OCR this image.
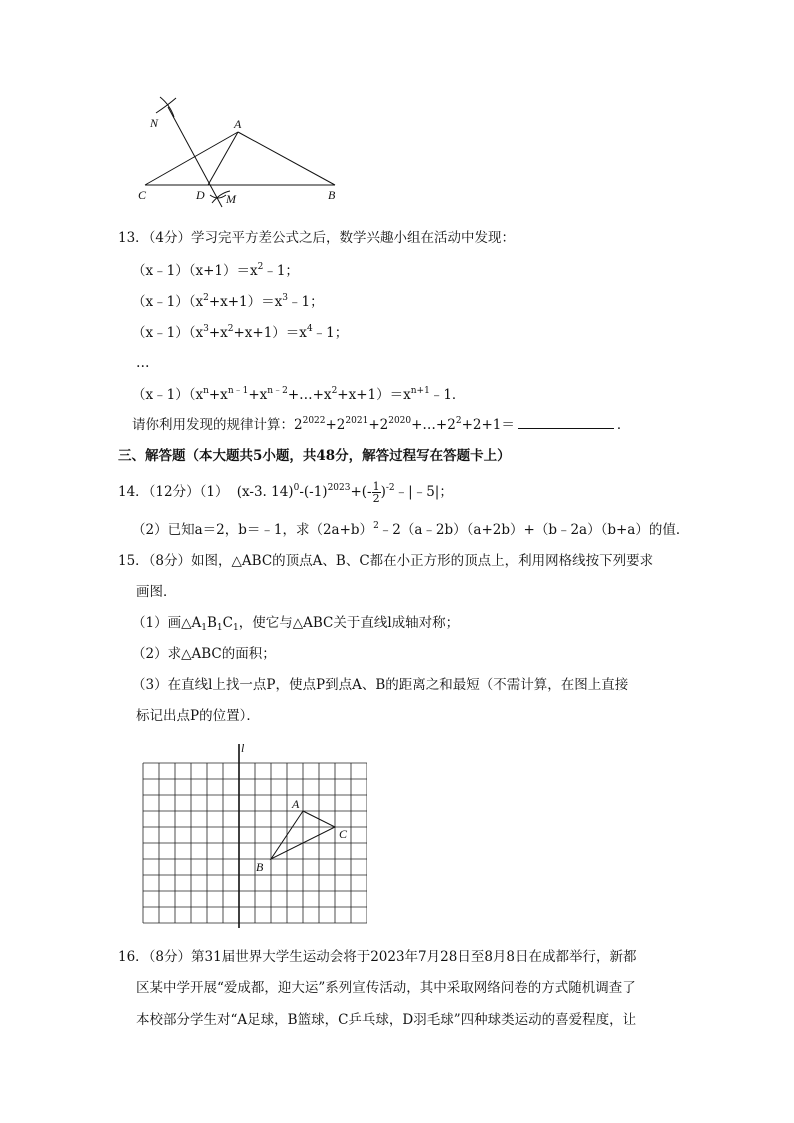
N	A
C	D M	B
13．（4分）学习完平方差公式之后，数学兴趣小组在活动中发现：
$(x﹣1)(x+1)=x^2﹣1$；
$(x﹣1)(x^2+x+1)=x^3﹣1$；
$(x﹣1)(x^3+x^2+x+1)=x^4﹣1$；
…
$(x﹣1)(x^n+x^{n﹣1}+x^{n﹣2}+\dots+x^2+x+1)=x^{n+1}﹣1$．
请你利用发现的规律计算：$2^{2022}+2^{2021}+2^{2020}+\dots+2^2+2+1=$	．
三、解答题（本大题共5小题，共48分，解答过程写在答题卡上）
14．（12分）（1） (x-3. $14)^0-(-1)^{2023}+(- \frac{1}{2}$ )$^{-2}$﹣|﹣5|；
（2）已知a＝2，b＝﹣1，求$(2a+b)^2﹣2(a﹣2b)(a+2b)+(b﹣2a)(b+a)$的值．
15．（8分）如图，△ABC的顶点A、B、C都在小正方形的顶点上，利用网格线按下列要求
画图．
（1）画$\triangle A_1B_1C_1$，使它与△ABC关于直线l成轴对称；
（2）求△ABC的面积；
（3）在直线l上找一点P，使点P到点A、B的距离之和最短（不需计算，在图上直接
标记出点P的位置）．
l
A
B
C
16．（8分）第31届世界大学生运动会将于2023年7月28日至8月8日在成都举行，新都
区某中学开展“爱成都，迎大运”系列宣传活动，其中采取网络问卷的方式随机调查了
本校部分学生对“A足球，B篮球，C乒乓球，D羽毛球”四种球类运动的喜爱程度，让
